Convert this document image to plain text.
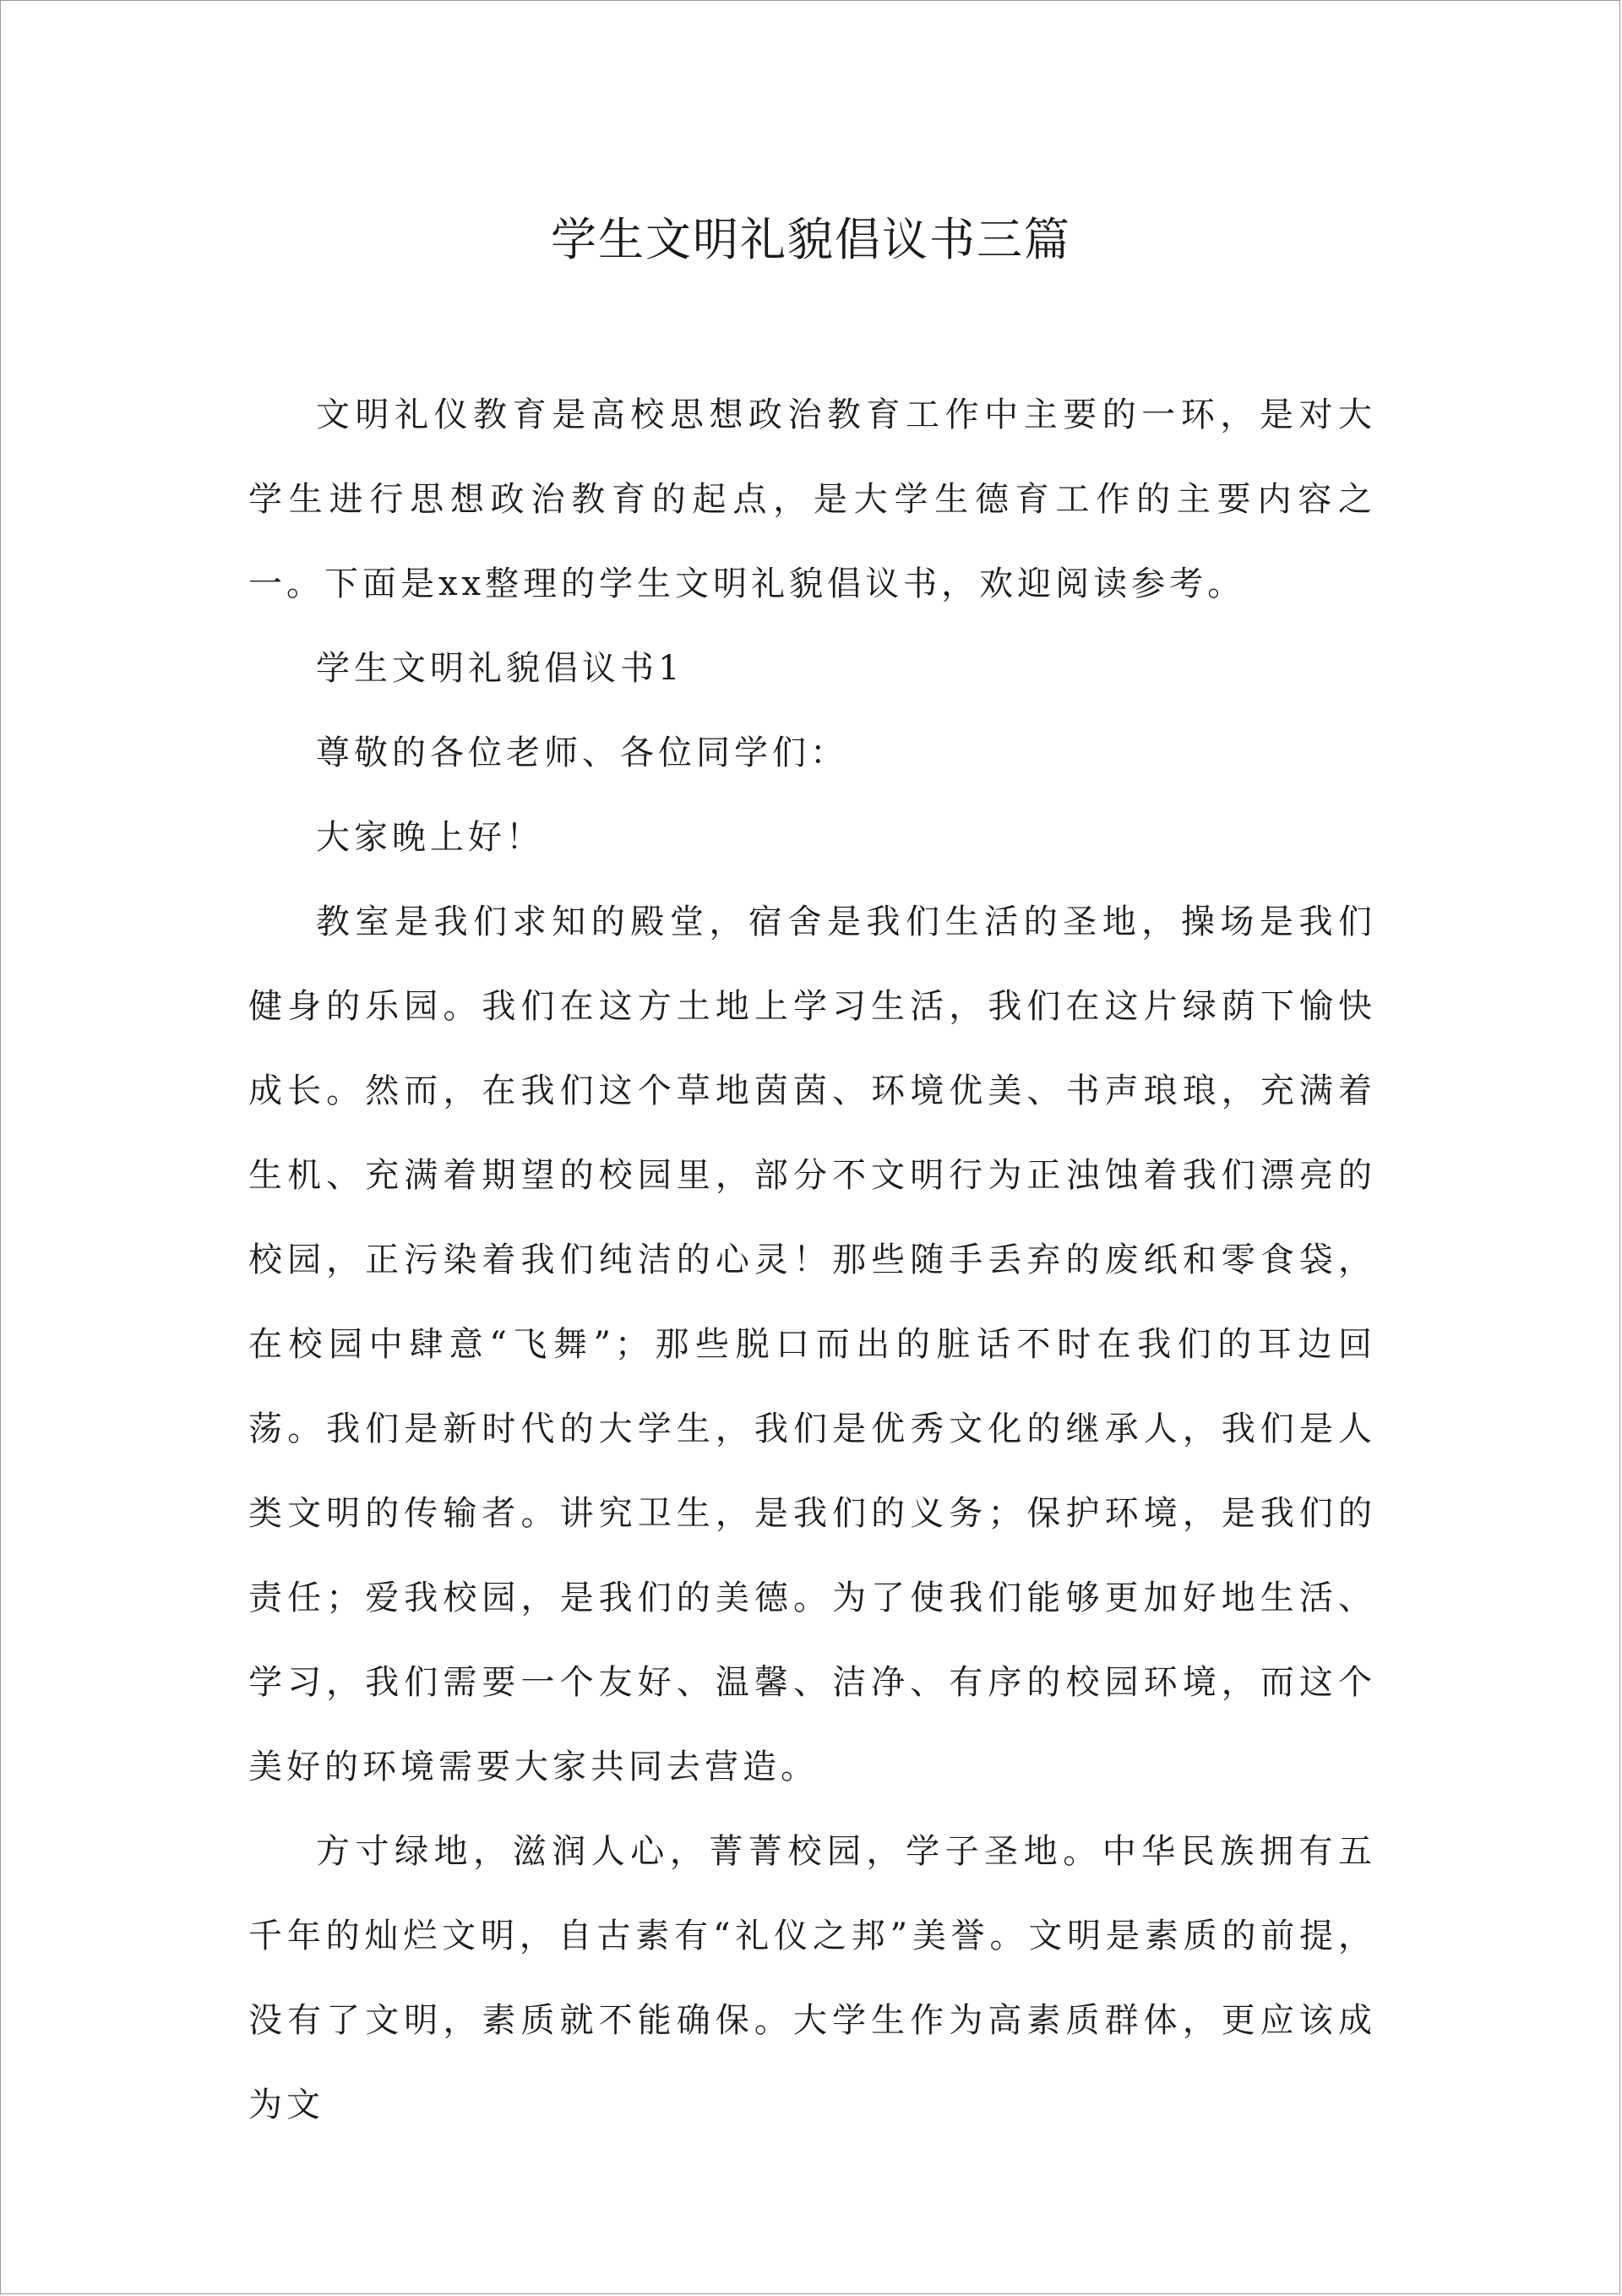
学生文明礼貌倡议书三篇

文明礼仪教育是高校思想政治教育工作中主要的一环，是对大学生进行思想政治教育的起点，是大学生德育工作的主要内容之一。下面是xx整理的学生文明礼貌倡议书，欢迎阅读参考。

学生文明礼貌倡议书1

尊敬的各位老师、各位同学们：

大家晚上好！

教室是我们求知的殿堂，宿舍是我们生活的圣地，操场是我们健身的乐园。我们在这方土地上学习生活，我们在这片绿荫下愉快成长。然而，在我们这个草地茵茵、环境优美、书声琅琅，充满着生机、充满着期望的校园里，部分不文明行为正浊蚀着我们漂亮的校园，正污染着我们纯洁的心灵！那些随手丢弃的废纸和零食袋，在校园中肆意“飞舞”；那些脱口而出的脏话不时在我们的耳边回荡。我们是新时代的大学生，我们是优秀文化的继承人，我们是人类文明的传输者。讲究卫生，是我们的义务；保护环境，是我们的责任；爱我校园，是我们的美德。为了使我们能够更加好地生活、学习，我们需要一个友好、温馨、洁净、有序的校园环境，而这个美好的环境需要大家共同去营造。

方寸绿地，滋润人心，菁菁校园，学子圣地。中华民族拥有五千年的灿烂文明，自古素有“礼仪之邦”美誉。文明是素质的前提，没有了文明，素质就不能确保。大学生作为高素质群体，更应该成为文
